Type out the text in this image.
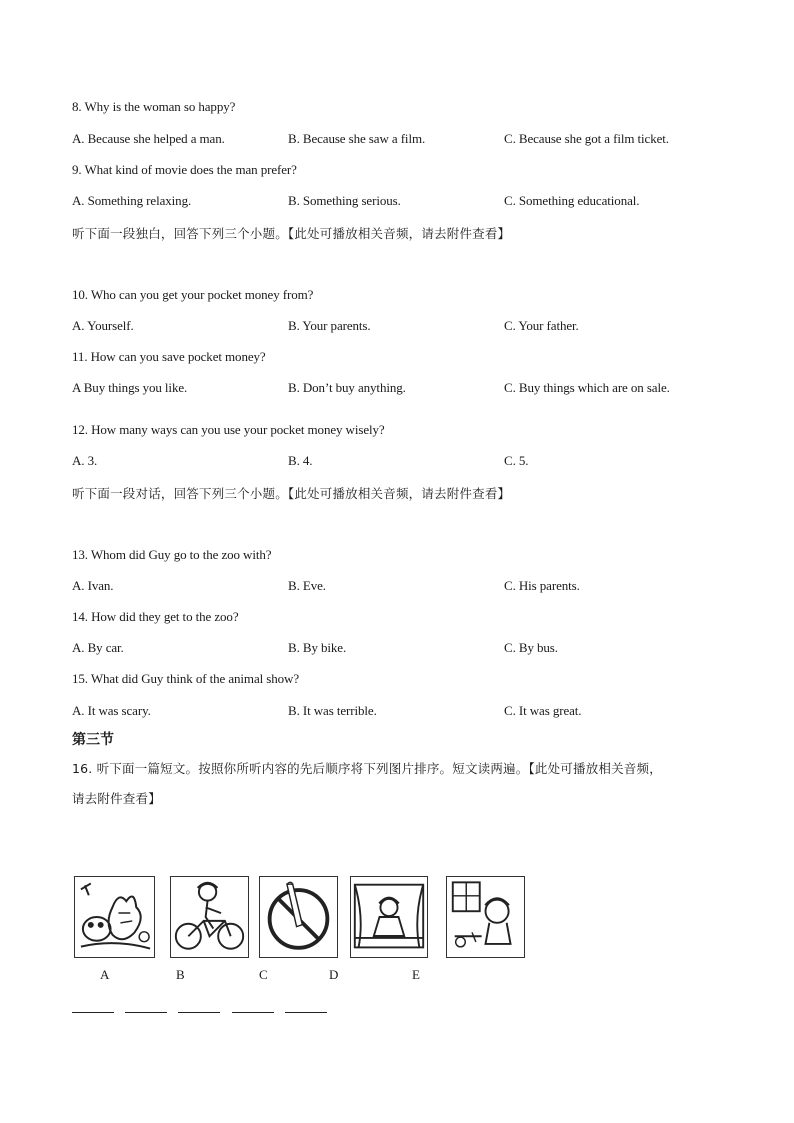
8. Why is the woman so happy?
A. Because she helped a man.	B. Because she saw a film.	C. Because she got a film ticket.
9. What kind of movie does the man prefer?
A. Something relaxing.	B. Something serious.	C. Something educational.
听下面一段独白，回答下列三个小题。【此处可播放相关音频，请去附件查看】
10. Who can you get your pocket money from?
A. Yourself.	B. Your parents.	C. Your father.
11. How can you save pocket money?
A Buy things you like.	B. Don’t buy anything.	C. Buy things which are on sale.
12. How many ways can you use your pocket money wisely?
A. 3.	B. 4.	C. 5.
听下面一段对话，回答下列三个小题。【此处可播放相关音频，请去附件查看】
13. Whom did Guy go to the zoo with?
A. Ivan.	B. Eve.	C. His parents.
14. How did they get to the zoo?
A. By car.	B. By bike.	C. By bus.
15. What did Guy think of the animal show?
A. It was scary.	B. It was terrible.	C. It was great.
第三节
16. 听下面一篇短文。按照你所听内容的先后顺序将下列图片排序。短文读两遍。【此处可播放相关音频，
请去附件查看】
A	B	C	D	E
